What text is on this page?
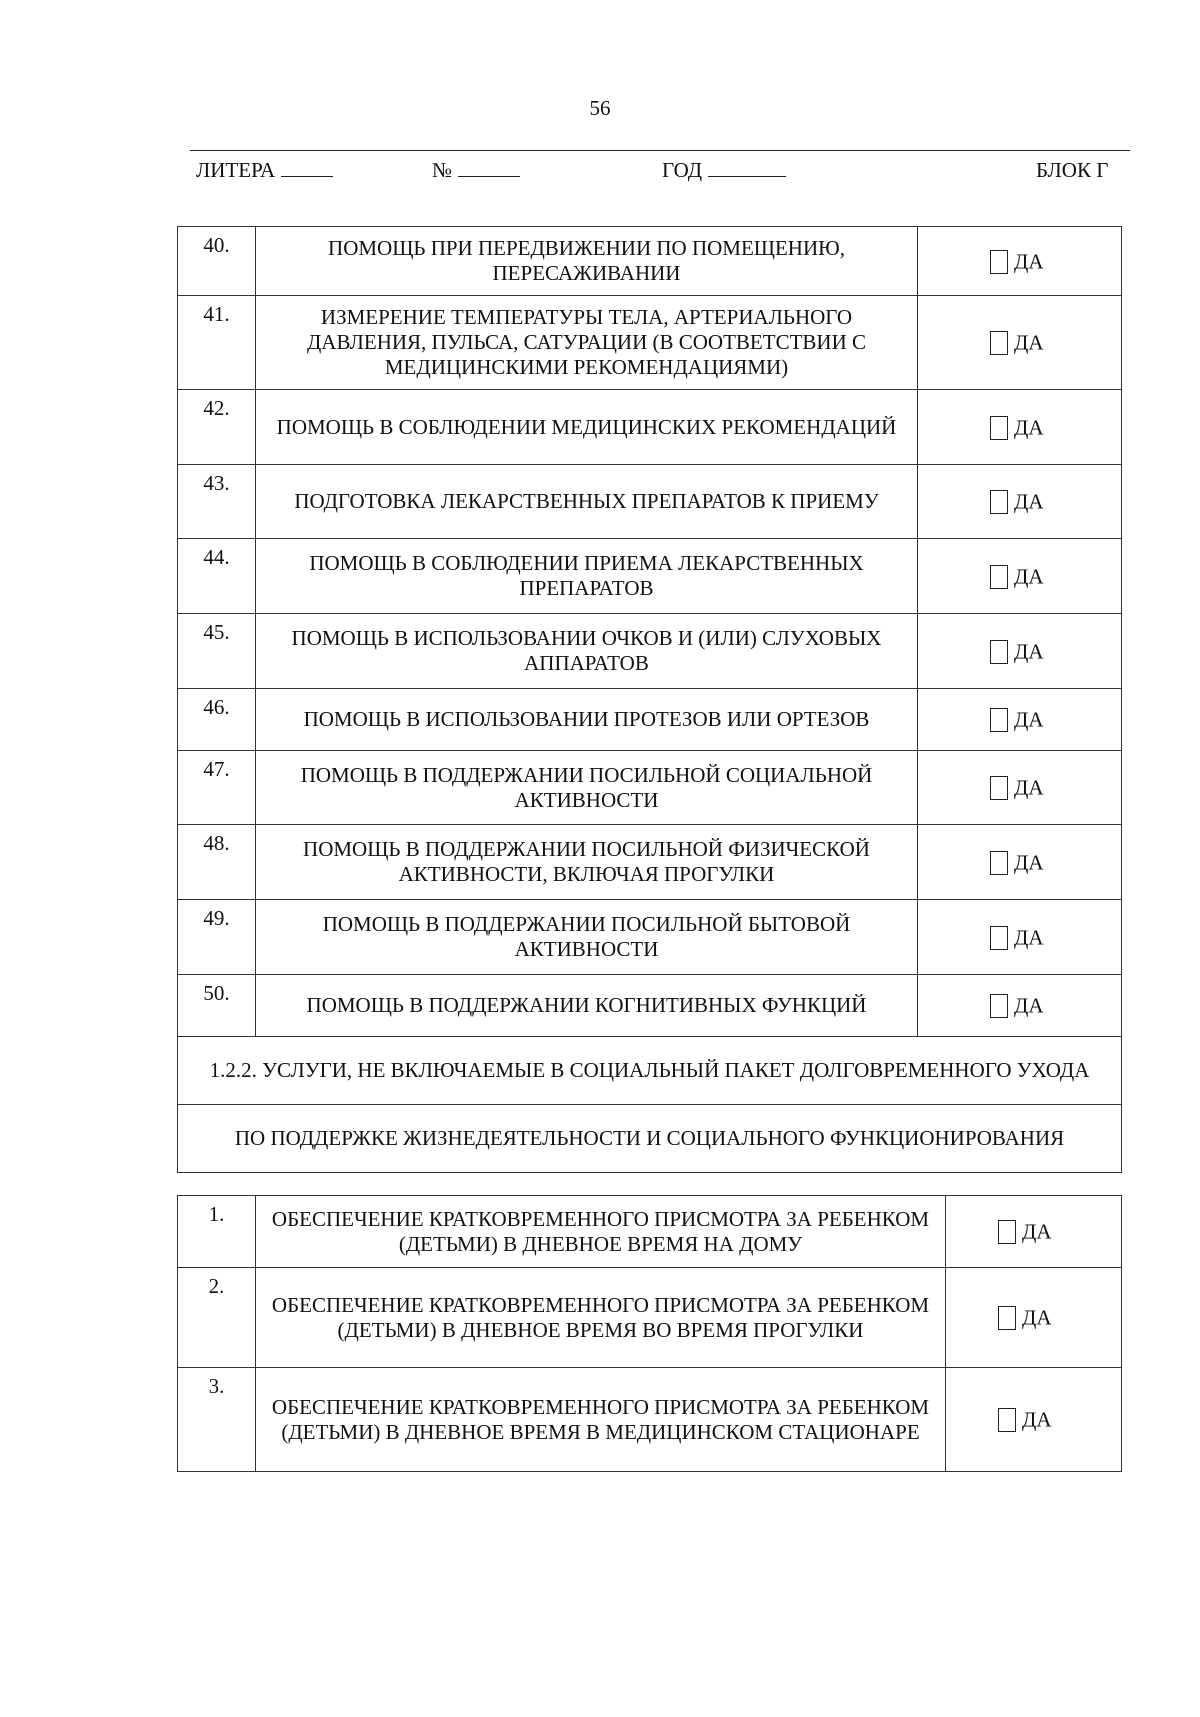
56
ЛИТЕРА	№	ГОД	БЛОК Г
40.	ПОМОЩЬ ПРИ ПЕРЕДВИЖЕНИИ ПО ПОМЕЩЕНИЮ, ПЕРЕСАЖИВАНИИ	ДА
41.	ИЗМЕРЕНИЕ ТЕМПЕРАТУРЫ ТЕЛА, АРТЕРИАЛЬНОГО ДАВЛЕНИЯ, ПУЛЬСА, САТУРАЦИИ (В СООТВЕТСТВИИ С МЕДИЦИНСКИМИ РЕКОМЕНДАЦИЯМИ)	ДА
42.	ПОМОЩЬ В СОБЛЮДЕНИИ МЕДИЦИНСКИХ РЕКОМЕНДАЦИЙ	ДА
43.	ПОДГОТОВКА ЛЕКАРСТВЕННЫХ ПРЕПАРАТОВ К ПРИЕМУ	ДА
44.	ПОМОЩЬ В СОБЛЮДЕНИИ ПРИЕМА ЛЕКАРСТВЕННЫХ ПРЕПАРАТОВ	ДА
45.	ПОМОЩЬ В ИСПОЛЬЗОВАНИИ ОЧКОВ И (ИЛИ) СЛУХОВЫХ АППАРАТОВ	ДА
46.	ПОМОЩЬ В ИСПОЛЬЗОВАНИИ ПРОТЕЗОВ ИЛИ ОРТЕЗОВ	ДА
47.	ПОМОЩЬ В ПОДДЕРЖАНИИ ПОСИЛЬНОЙ СОЦИАЛЬНОЙ АКТИВНОСТИ	ДА
48.	ПОМОЩЬ В ПОДДЕРЖАНИИ ПОСИЛЬНОЙ ФИЗИЧЕСКОЙ АКТИВНОСТИ, ВКЛЮЧАЯ ПРОГУЛКИ	ДА
49.	ПОМОЩЬ В ПОДДЕРЖАНИИ ПОСИЛЬНОЙ БЫТОВОЙ АКТИВНОСТИ	ДА
50.	ПОМОЩЬ В ПОДДЕРЖАНИИ КОГНИТИВНЫХ ФУНКЦИЙ	ДА
1.2.2. УСЛУГИ, НЕ ВКЛЮЧАЕМЫЕ В СОЦИАЛЬНЫЙ ПАКЕТ ДОЛГОВРЕМЕННОГО УХОДА		
ПО ПОДДЕРЖКЕ ЖИЗНЕДЕЯТЕЛЬНОСТИ И СОЦИАЛЬНОГО ФУНКЦИОНИРОВАНИЯ		
1.	ОБЕСПЕЧЕНИЕ КРАТКОВРЕМЕННОГО ПРИСМОТРА ЗА РЕБЕНКОМ (ДЕТЬМИ) В ДНЕВНОЕ ВРЕМЯ НА ДОМУ	ДА
2.	ОБЕСПЕЧЕНИЕ КРАТКОВРЕМЕННОГО ПРИСМОТРА ЗА РЕБЕНКОМ (ДЕТЬМИ) В ДНЕВНОЕ ВРЕМЯ ВО ВРЕМЯ ПРОГУЛКИ	ДА
3.	ОБЕСПЕЧЕНИЕ КРАТКОВРЕМЕННОГО ПРИСМОТРА ЗА РЕБЕНКОМ (ДЕТЬМИ) В ДНЕВНОЕ ВРЕМЯ В МЕДИЦИНСКОМ СТАЦИОНАРЕ	ДА
